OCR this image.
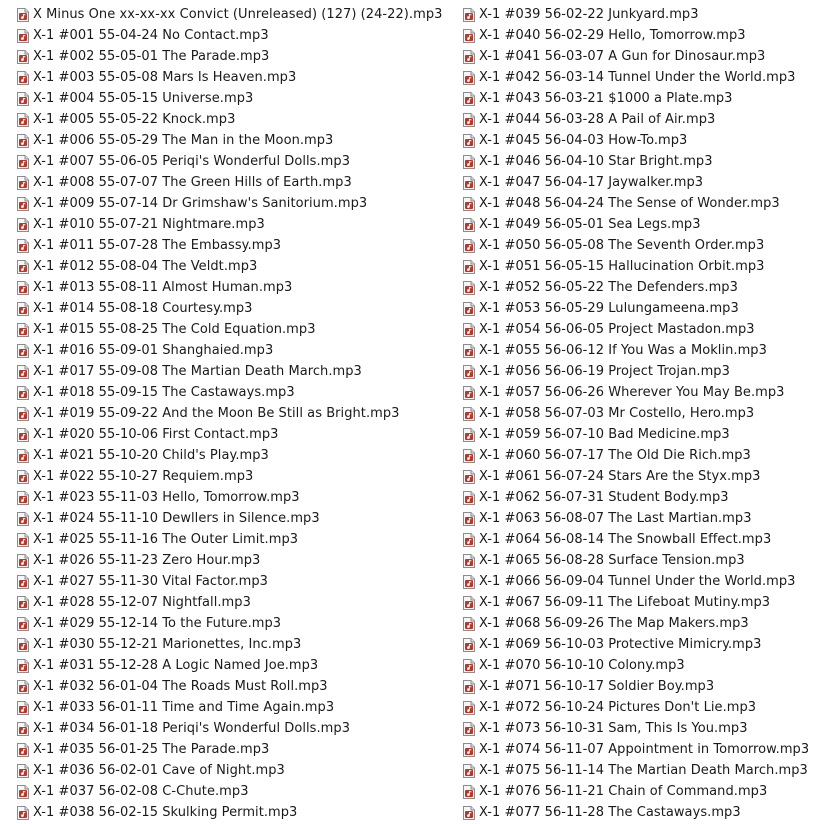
X Minus One xx-xx-xx Convict (Unreleased) (127) (24-22).mp3
X-1 #001 55-04-24 No Contact.mp3
X-1 #002 55-05-01 The Parade.mp3
X-1 #003 55-05-08 Mars Is Heaven.mp3
X-1 #004 55-05-15 Universe.mp3
X-1 #005 55-05-22 Knock.mp3
X-1 #006 55-05-29 The Man in the Moon.mp3
X-1 #007 55-06-05 Periqi's Wonderful Dolls.mp3
X-1 #008 55-07-07 The Green Hills of Earth.mp3
X-1 #009 55-07-14 Dr Grimshaw's Sanitorium.mp3
X-1 #010 55-07-21 Nightmare.mp3
X-1 #011 55-07-28 The Embassy.mp3
X-1 #012 55-08-04 The Veldt.mp3
X-1 #013 55-08-11 Almost Human.mp3
X-1 #014 55-08-18 Courtesy.mp3
X-1 #015 55-08-25 The Cold Equation.mp3
X-1 #016 55-09-01 Shanghaied.mp3
X-1 #017 55-09-08 The Martian Death March.mp3
X-1 #018 55-09-15 The Castaways.mp3
X-1 #019 55-09-22 And the Moon Be Still as Bright.mp3
X-1 #020 55-10-06 First Contact.mp3
X-1 #021 55-10-20 Child's Play.mp3
X-1 #022 55-10-27 Requiem.mp3
X-1 #023 55-11-03 Hello, Tomorrow.mp3
X-1 #024 55-11-10 Dewllers in Silence.mp3
X-1 #025 55-11-16 The Outer Limit.mp3
X-1 #026 55-11-23 Zero Hour.mp3
X-1 #027 55-11-30 Vital Factor.mp3
X-1 #028 55-12-07 Nightfall.mp3
X-1 #029 55-12-14 To the Future.mp3
X-1 #030 55-12-21 Marionettes, Inc.mp3
X-1 #031 55-12-28 A Logic Named Joe.mp3
X-1 #032 56-01-04 The Roads Must Roll.mp3
X-1 #033 56-01-11 Time and Time Again.mp3
X-1 #034 56-01-18 Periqi's Wonderful Dolls.mp3
X-1 #035 56-01-25 The Parade.mp3
X-1 #036 56-02-01 Cave of Night.mp3
X-1 #037 56-02-08 C-Chute.mp3
X-1 #038 56-02-15 Skulking Permit.mp3
X-1 #039 56-02-22 Junkyard.mp3
X-1 #040 56-02-29 Hello, Tomorrow.mp3
X-1 #041 56-03-07 A Gun for Dinosaur.mp3
X-1 #042 56-03-14 Tunnel Under the World.mp3
X-1 #043 56-03-21 $1000 a Plate.mp3
X-1 #044 56-03-28 A Pail of Air.mp3
X-1 #045 56-04-03 How-To.mp3
X-1 #046 56-04-10 Star Bright.mp3
X-1 #047 56-04-17 Jaywalker.mp3
X-1 #048 56-04-24 The Sense of Wonder.mp3
X-1 #049 56-05-01 Sea Legs.mp3
X-1 #050 56-05-08 The Seventh Order.mp3
X-1 #051 56-05-15 Hallucination Orbit.mp3
X-1 #052 56-05-22 The Defenders.mp3
X-1 #053 56-05-29 Lulungameena.mp3
X-1 #054 56-06-05 Project Mastadon.mp3
X-1 #055 56-06-12 If You Was a Moklin.mp3
X-1 #056 56-06-19 Project Trojan.mp3
X-1 #057 56-06-26 Wherever You May Be.mp3
X-1 #058 56-07-03 Mr Costello, Hero.mp3
X-1 #059 56-07-10 Bad Medicine.mp3
X-1 #060 56-07-17 The Old Die Rich.mp3
X-1 #061 56-07-24 Stars Are the Styx.mp3
X-1 #062 56-07-31 Student Body.mp3
X-1 #063 56-08-07 The Last Martian.mp3
X-1 #064 56-08-14 The Snowball Effect.mp3
X-1 #065 56-08-28 Surface Tension.mp3
X-1 #066 56-09-04 Tunnel Under the World.mp3
X-1 #067 56-09-11 The Lifeboat Mutiny.mp3
X-1 #068 56-09-26 The Map Makers.mp3
X-1 #069 56-10-03 Protective Mimicry.mp3
X-1 #070 56-10-10 Colony.mp3
X-1 #071 56-10-17 Soldier Boy.mp3
X-1 #072 56-10-24 Pictures Don't Lie.mp3
X-1 #073 56-10-31 Sam, This Is You.mp3
X-1 #074 56-11-07 Appointment in Tomorrow.mp3
X-1 #075 56-11-14 The Martian Death March.mp3
X-1 #076 56-11-21 Chain of Command.mp3
X-1 #077 56-11-28 The Castaways.mp3
